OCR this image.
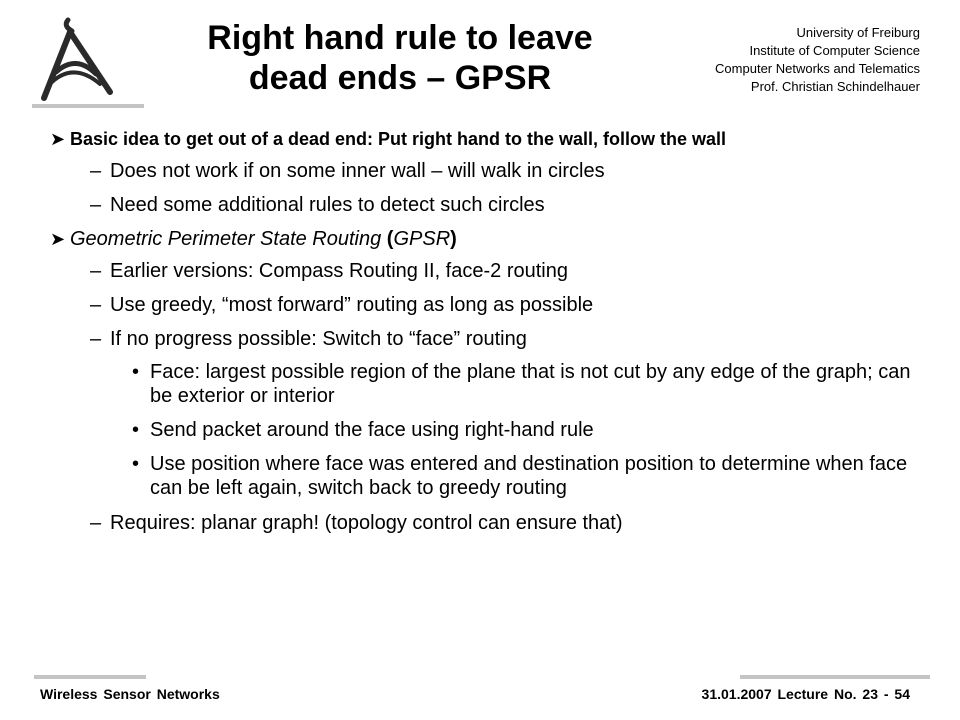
Right hand rule to leave
dead ends – GPSR
University of Freiburg
Institute of Computer Science
Computer Networks and Telematics
Prof. Christian Schindelhauer
➤ Basic idea to get out of a dead end: Put right hand to the wall, follow the wall
– Does not work if on some inner wall – will walk in circles
– Need some additional rules to detect such circles
➤ Geometric Perimeter State Routing (GPSR)
– Earlier versions: Compass Routing II, face-2 routing
– Use greedy, “most forward” routing as long as possible
– If no progress possible: Switch to “face” routing
• Face: largest possible region of the plane that is not cut by any edge of the graph; can be exterior or interior
• Send packet around the face using right-hand rule
• Use position where face was entered and destination position to determine when face can be left again, switch back to greedy routing
– Requires: planar graph! (topology control can ensure that)
Wireless Sensor Networks	31.01.2007 Lecture No. 23 - 54
